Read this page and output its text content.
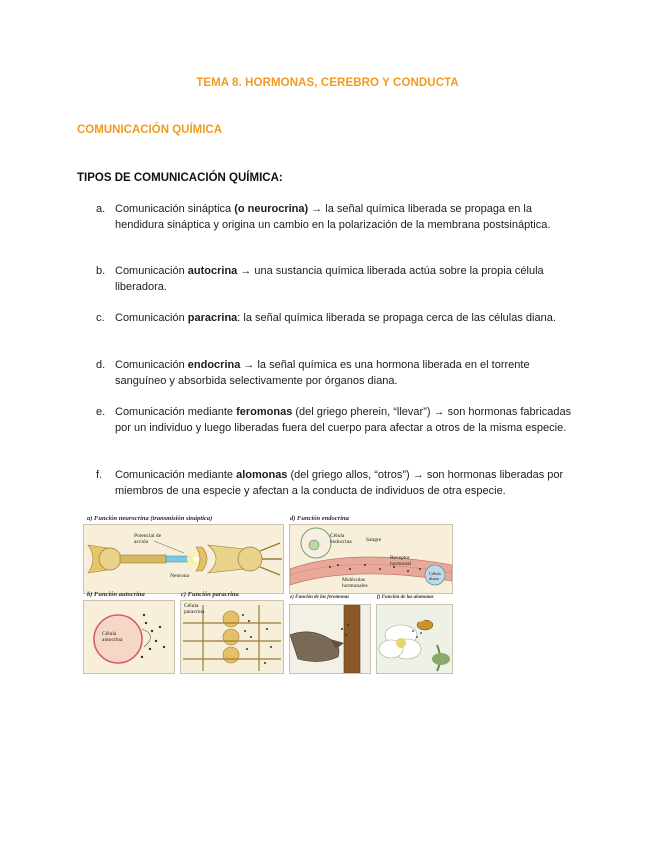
TEMA 8. HORMONAS, CEREBRO Y CONDUCTA
COMUNICACIÓN QUÍMICA
TIPOS DE COMUNICACIÓN QUÍMICA:
a. Comunicación sináptica (o neurocrina) → la señal química liberada se propaga en la hendidura sináptica y origina un cambio en la polarización de la membrana postsináptica.
b. Comunicación autocrina → una sustancia química liberada actúa sobre la propia célula liberadora.
c. Comunicación paracrina: la señal química liberada se propaga cerca de las células diana.
d. Comunicación endocrina → la señal química es una hormona liberada en el torrente sanguíneo y absorbida selectivamente por órganos diana.
e. Comunicación mediante feromonas (del griego pherein, “llevar”) → son hormonas fabricadas por un individuo y luego liberadas fuera del cuerpo para afectar a otros de la misma especie.
f. Comunicación mediante alomonas (del griego allos, “otros”) → son hormonas liberadas por miembros de una especie y afectan a la conducta de individuos de otra especie.
a) Función neurocrina (transmisión sináptica)
Potencial de acción
Neurona
d) Función endocrina
Sangre
Célula endocrina
Receptor hormonal
Moléculas hormonales
Célula diana
b) Función autocrina
Célula autocrina
c) Función paracrina
Célula paracrina
e) Función de las feromonas	f) Función de las alomonas
